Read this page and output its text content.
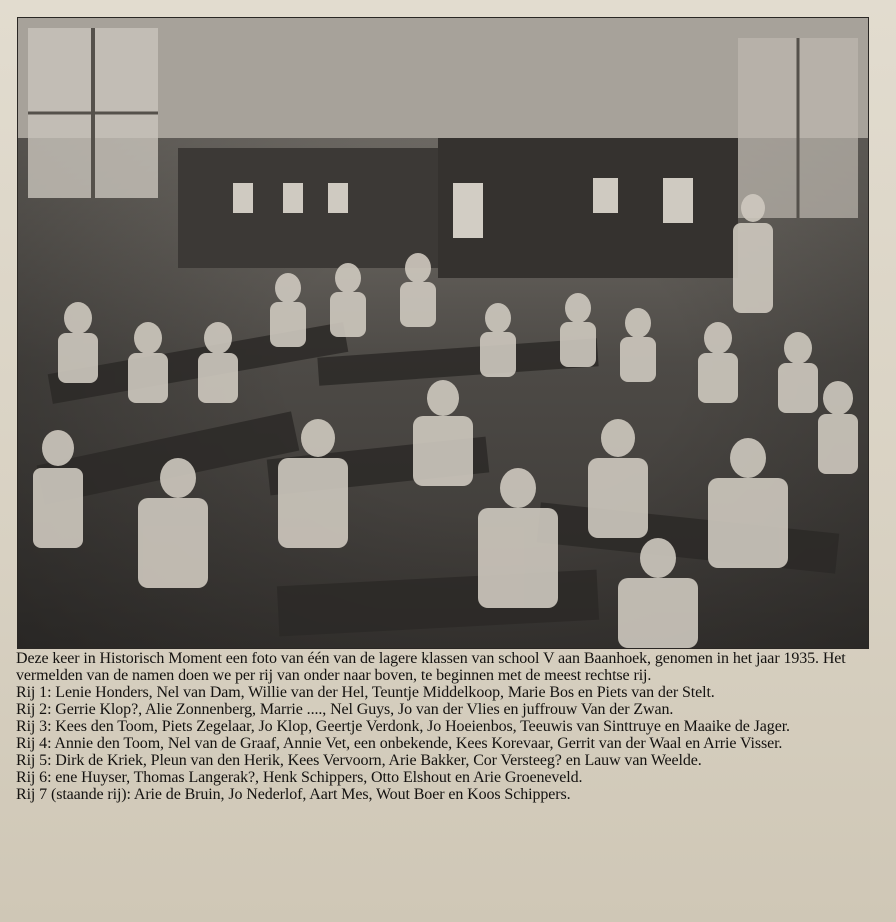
Deze keer in Historisch Moment een foto van één van de lagere klassen van school V aan Baanhoek, genomen in het jaar 1935. Het vermelden van de namen doen we per rij van onder naar boven, te beginnen met de meest rechtse rij.

Rij 1: Lenie Honders, Nel van Dam, Willie van der Hel, Teuntje Middelkoop, Marie Bos en Piets van der Stelt.

Rij 2: Gerrie Klop?, Alie Zonnenberg, Marrie ...., Nel Guys, Jo van der Vlies en juffrouw Van der Zwan.

Rij 3: Kees den Toom, Piets Zegelaar, Jo Klop, Geertje Verdonk, Jo Hoeienbos, Teeuwis van Sinttruye en Maaike de Jager.

Rij 4: Annie den Toom, Nel van de Graaf, Annie Vet, een onbekende, Kees Korevaar, Gerrit van der Waal en Arrie Visser.

Rij 5: Dirk de Kriek, Pleun van den Herik, Kees Vervoorn, Arie Bakker, Cor Versteeg? en Lauw van Weelde.

Rij 6: ene Huyser, Thomas Langerak?, Henk Schippers, Otto Elshout en Arie Groeneveld.

Rij 7 (staande rij): Arie de Bruin, Jo Nederlof, Aart Mes, Wout Boer en Koos Schippers.
